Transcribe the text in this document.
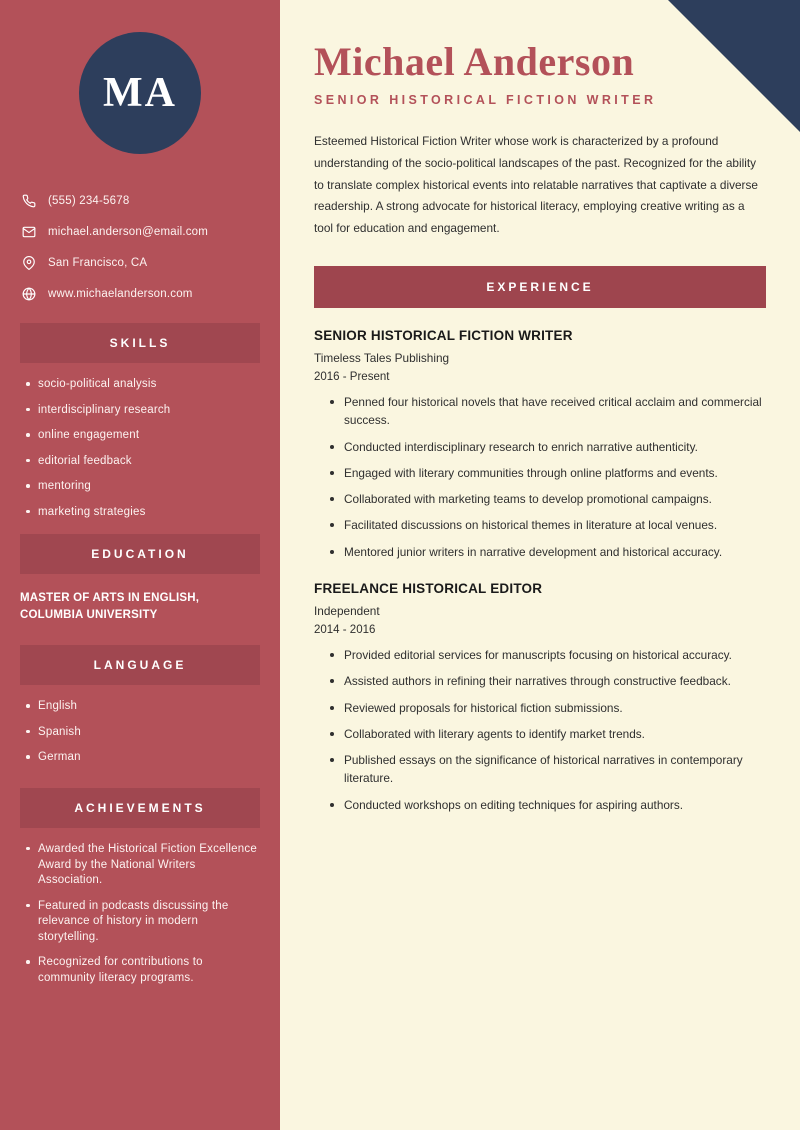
MA
(555) 234-5678
michael.anderson@email.com
San Francisco, CA
www.michaelanderson.com
SKILLS
socio-political analysis
interdisciplinary research
online engagement
editorial feedback
mentoring
marketing strategies
EDUCATION
MASTER OF ARTS IN ENGLISH, COLUMBIA UNIVERSITY
LANGUAGE
English
Spanish
German
ACHIEVEMENTS
Awarded the Historical Fiction Excellence Award by the National Writers Association.
Featured in podcasts discussing the relevance of history in modern storytelling.
Recognized for contributions to community literacy programs.
Michael Anderson
SENIOR HISTORICAL FICTION WRITER

Esteemed Historical Fiction Writer whose work is characterized by a profound understanding of the socio-political landscapes of the past. Recognized for the ability to translate complex historical events into relatable narratives that captivate a diverse readership. A strong advocate for historical literacy, employing creative writing as a tool for education and engagement.

EXPERIENCE
SENIOR HISTORICAL FICTION WRITER
Timeless Tales Publishing
2016 - Present
Penned four historical novels that have received critical acclaim and commercial success.
Conducted interdisciplinary research to enrich narrative authenticity.
Engaged with literary communities through online platforms and events.
Collaborated with marketing teams to develop promotional campaigns.
Facilitated discussions on historical themes in literature at local venues.
Mentored junior writers in narrative development and historical accuracy.
FREELANCE HISTORICAL EDITOR
Independent
2014 - 2016
Provided editorial services for manuscripts focusing on historical accuracy.
Assisted authors in refining their narratives through constructive feedback.
Reviewed proposals for historical fiction submissions.
Collaborated with literary agents to identify market trends.
Published essays on the significance of historical narratives in contemporary literature.
Conducted workshops on editing techniques for aspiring authors.
